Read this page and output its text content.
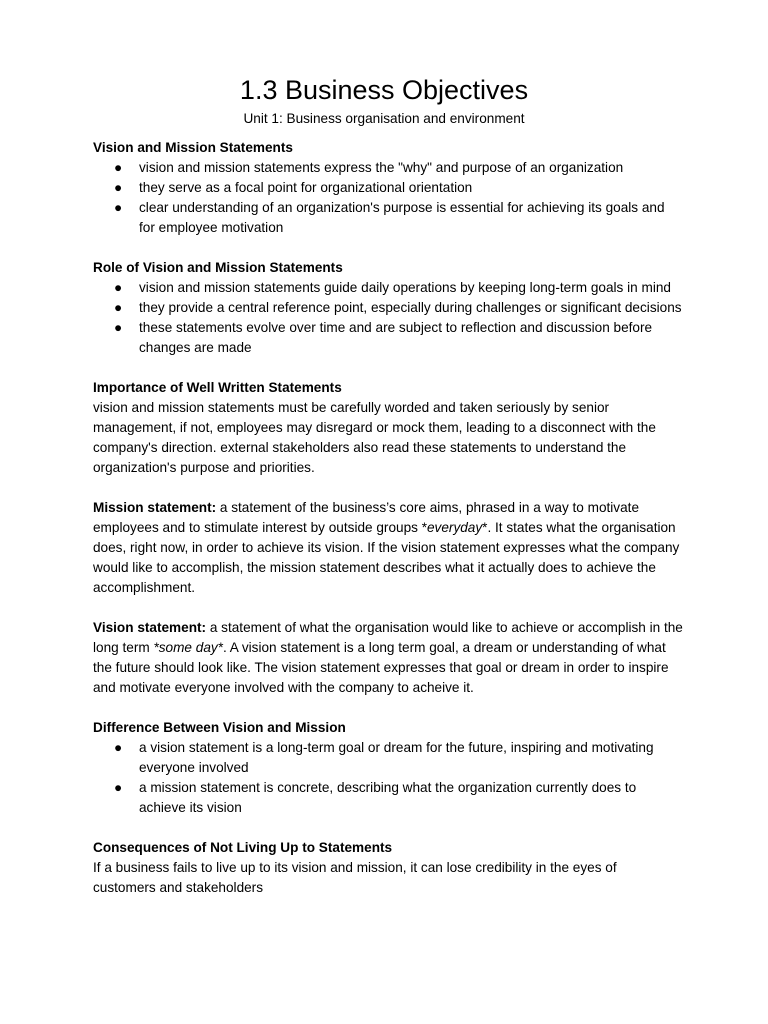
1.3 Business Objectives
Unit 1: Business organisation and environment

Vision and Mission Statements

● vision and mission statements express the "why" and purpose of an organization
● they serve as a focal point for organizational orientation
● clear understanding of an organization's purpose is essential for achieving its goals and for employee motivation

Role of Vision and Mission Statements

● vision and mission statements guide daily operations by keeping long-term goals in mind
● they provide a central reference point, especially during challenges or significant decisions
● these statements evolve over time and are subject to reflection and discussion before changes are made

Importance of Well Written Statements

vision and mission statements must be carefully worded and taken seriously by senior management, if not, employees may disregard or mock them, leading to a disconnect with the company's direction. external stakeholders also read these statements to understand the organization's purpose and priorities.

Mission statement: a statement of the business’s core aims, phrased in a way to motivate employees and to stimulate interest by outside groups *everyday*. It states what the organisation does, right now, in order to achieve its vision. If the vision statement expresses what the company would like to accomplish, the mission statement describes what it actually does to achieve the accomplishment.

Vision statement: a statement of what the organisation would like to achieve or accomplish in the long term *some day*. A vision statement is a long term goal, a dream or understanding of what the future should look like. The vision statement expresses that goal or dream in order to inspire and motivate everyone involved with the company to acheive it.

Difference Between Vision and Mission

● a vision statement is a long-term goal or dream for the future, inspiring and motivating everyone involved
● a mission statement is concrete, describing what the organization currently does to achieve its vision

Consequences of Not Living Up to Statements

If a business fails to live up to its vision and mission, it can lose credibility in the eyes of customers and stakeholders
